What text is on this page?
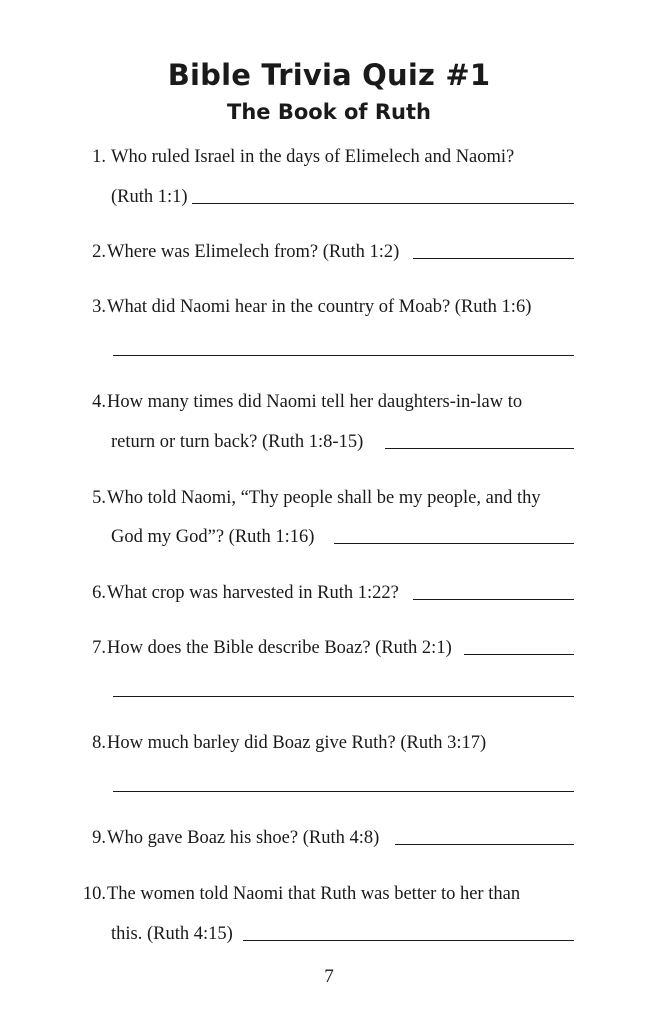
Bible Trivia Quiz #1
The Book of Ruth
1. Who ruled Israel in the days of Elimelech and Naomi?
(Ruth 1:1)
2. Where was Elimelech from? (Ruth 1:2)
3. What did Naomi hear in the country of Moab? (Ruth 1:6)
4. How many times did Naomi tell her daughters-in-law to
return or turn back? (Ruth 1:8-15)
5. Who told Naomi, “Thy people shall be my people, and thy
God my God”? (Ruth 1:16)
6. What crop was harvested in Ruth 1:22?
7. How does the Bible describe Boaz? (Ruth 2:1)
8. How much barley did Boaz give Ruth? (Ruth 3:17)
9. Who gave Boaz his shoe? (Ruth 4:8)
10. The women told Naomi that Ruth was better to her than
this. (Ruth 4:15)
7
